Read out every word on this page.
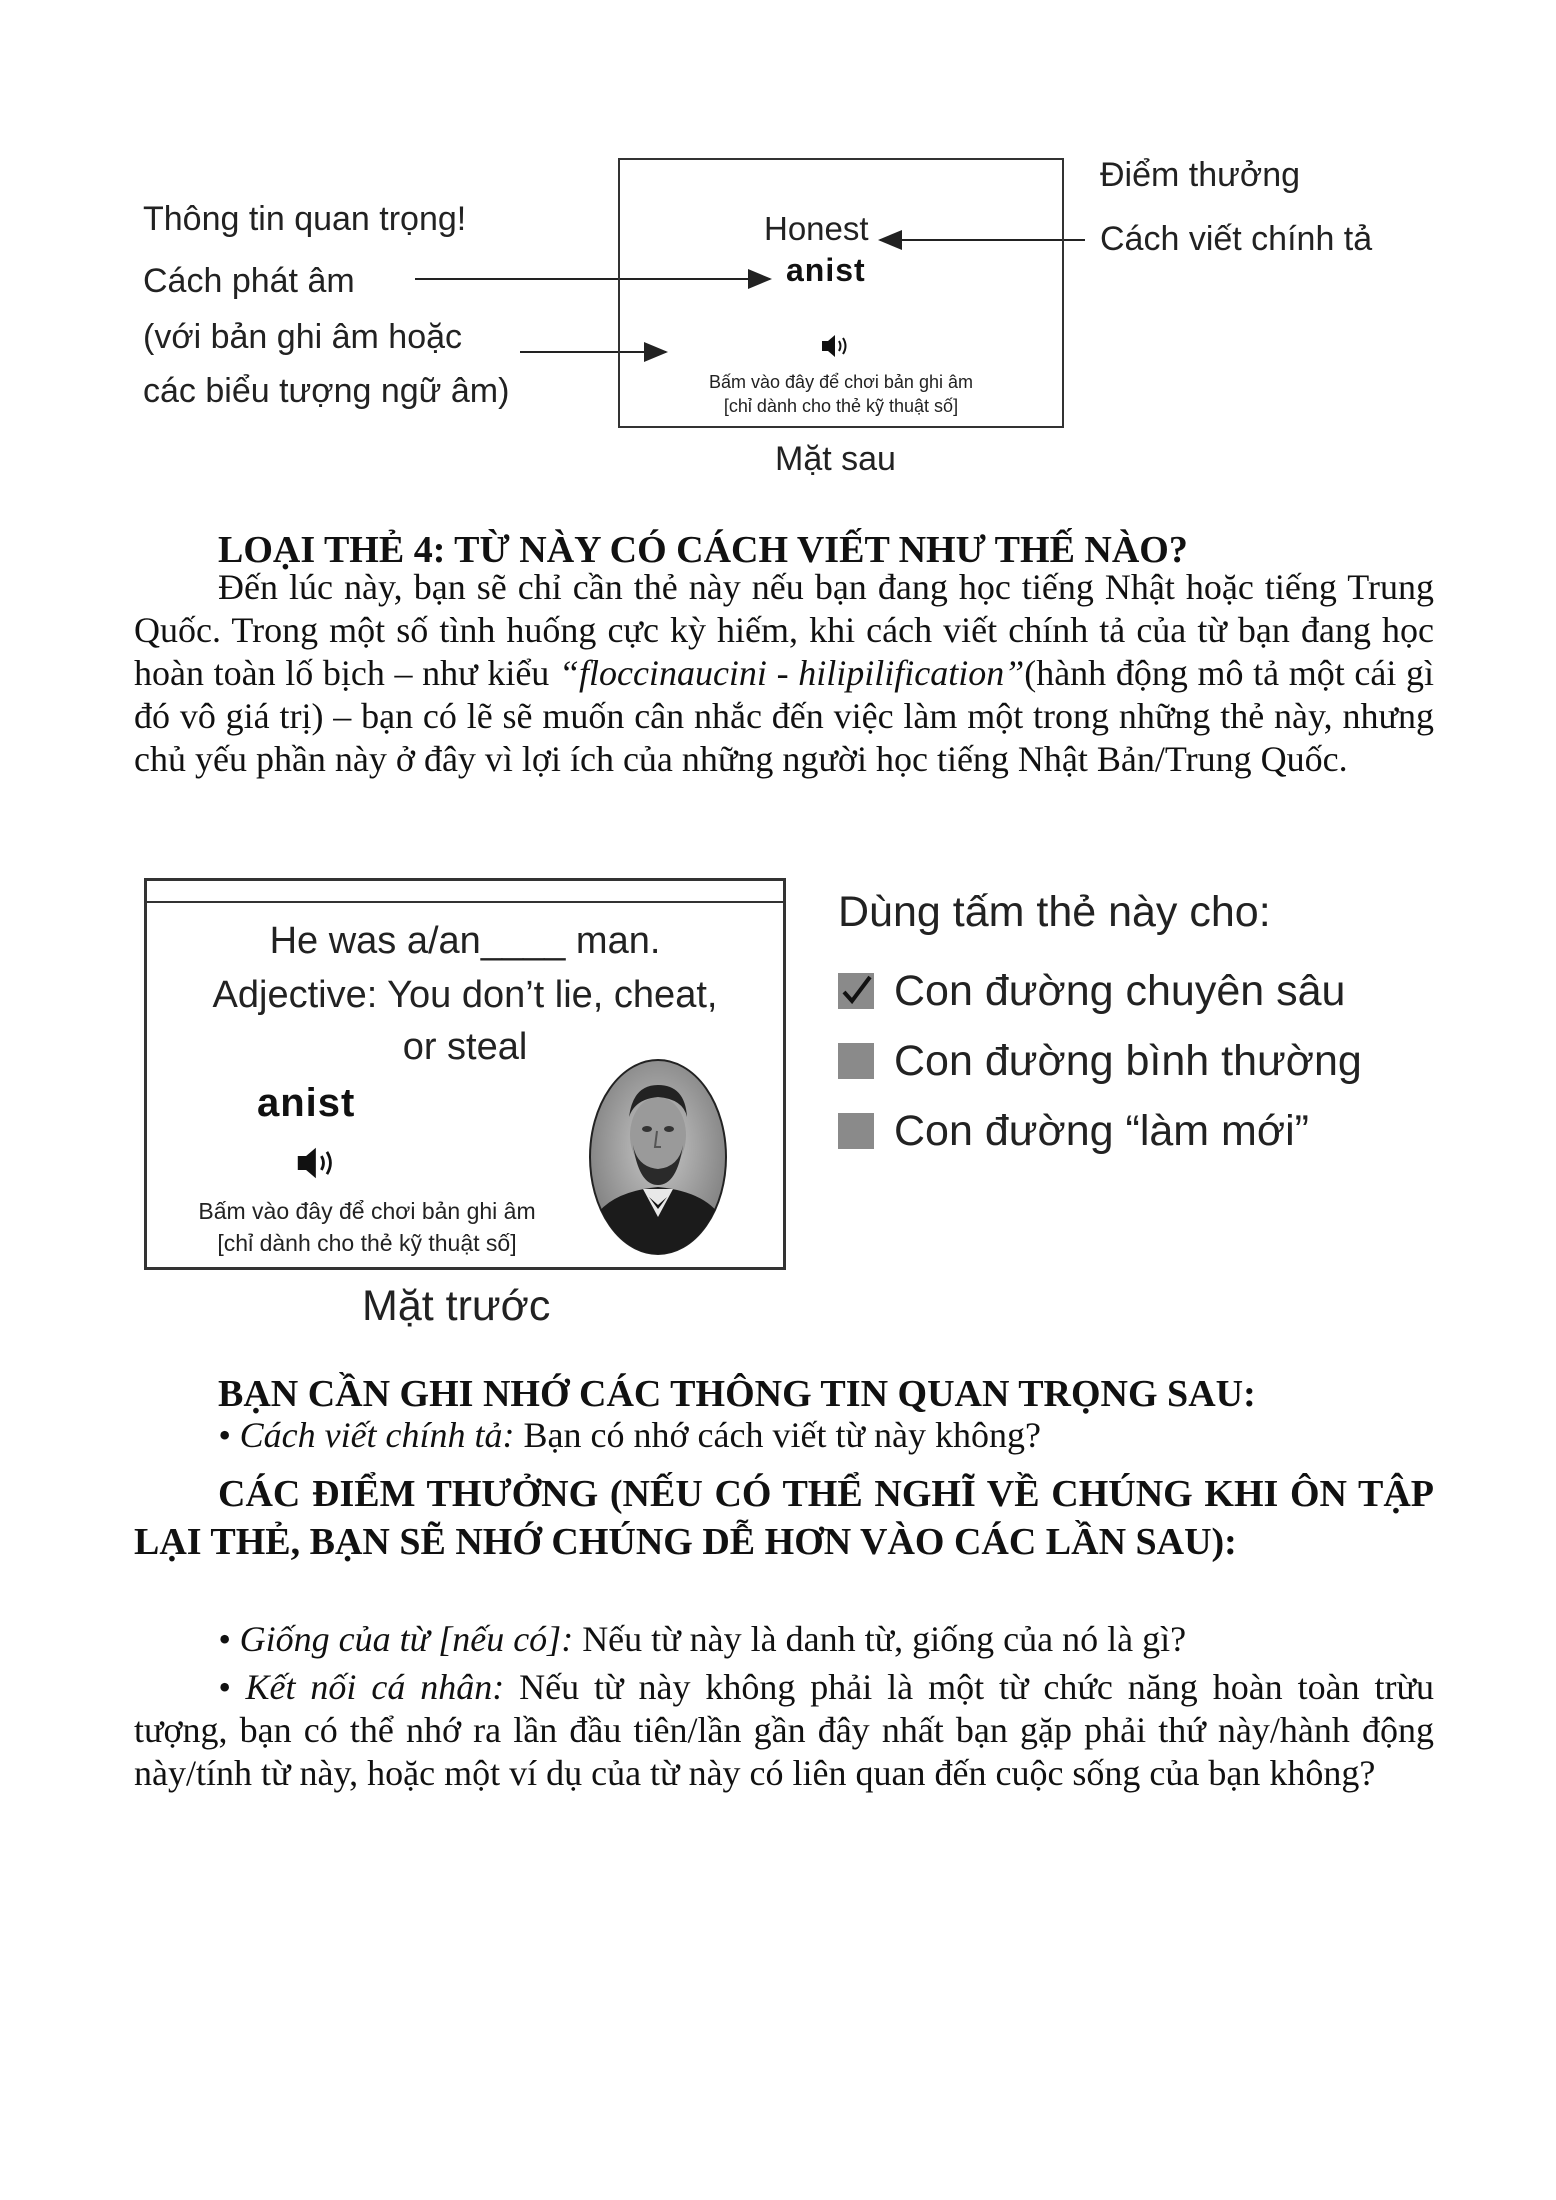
Thông tin quan trọng!
Cách phát âm
(với bản ghi âm hoặc
các biểu tượng ngữ âm)
Điểm thưởng
Cách viết chính tả
Honest
anist
Bấm vào đây để chơi bản ghi âm
[chỉ dành cho thẻ kỹ thuật số]
Mặt sau
LOẠI THẺ 4: TỪ NÀY CÓ CÁCH VIẾT NHƯ THẾ NÀO?
Đến lúc này, bạn sẽ chỉ cần thẻ này nếu bạn đang học tiếng Nhật hoặc tiếng Trung Quốc. Trong một số tình huống cực kỳ hiếm, khi cách viết chính tả của từ bạn đang học hoàn toàn lố bịch – như kiểu “floccinaucini - hilipilification”(hành động mô tả một cái gì đó vô giá trị) – bạn có lẽ sẽ muốn cân nhắc đến việc làm một trong những thẻ này, nhưng chủ yếu phần này ở đây vì lợi ích của những người học tiếng Nhật Bản/Trung Quốc.
He was a/an____ man.
Adjective: You don’t lie, cheat,
or steal
anist
Bấm vào đây để chơi bản ghi âm
[chỉ dành cho thẻ kỹ thuật số]
Mặt trước
Dùng tấm thẻ này cho:
Con đường chuyên sâu
Con đường bình thường
Con đường “làm mới”
BẠN CẦN GHI NHỚ CÁC THÔNG TIN QUAN TRỌNG SAU:
• Cách viết chính tả: Bạn có nhớ cách viết từ này không?
CÁC ĐIỂM THƯỞNG (NẾU CÓ THỂ NGHĨ VỀ CHÚNG KHI ÔN TẬP LẠI THẺ, BẠN SẼ NHỚ CHÚNG DỄ HƠN VÀO CÁC LẦN SAU):
• Giống của từ [nếu có]: Nếu từ này là danh từ, giống của nó là gì?
• Kết nối cá nhân: Nếu từ này không phải là một từ chức năng hoàn toàn trừu tượng, bạn có thể nhớ ra lần đầu tiên/lần gần đây nhất bạn gặp phải thứ này/hành động này/tính từ này, hoặc một ví dụ của từ này có liên quan đến cuộc sống của bạn không?
